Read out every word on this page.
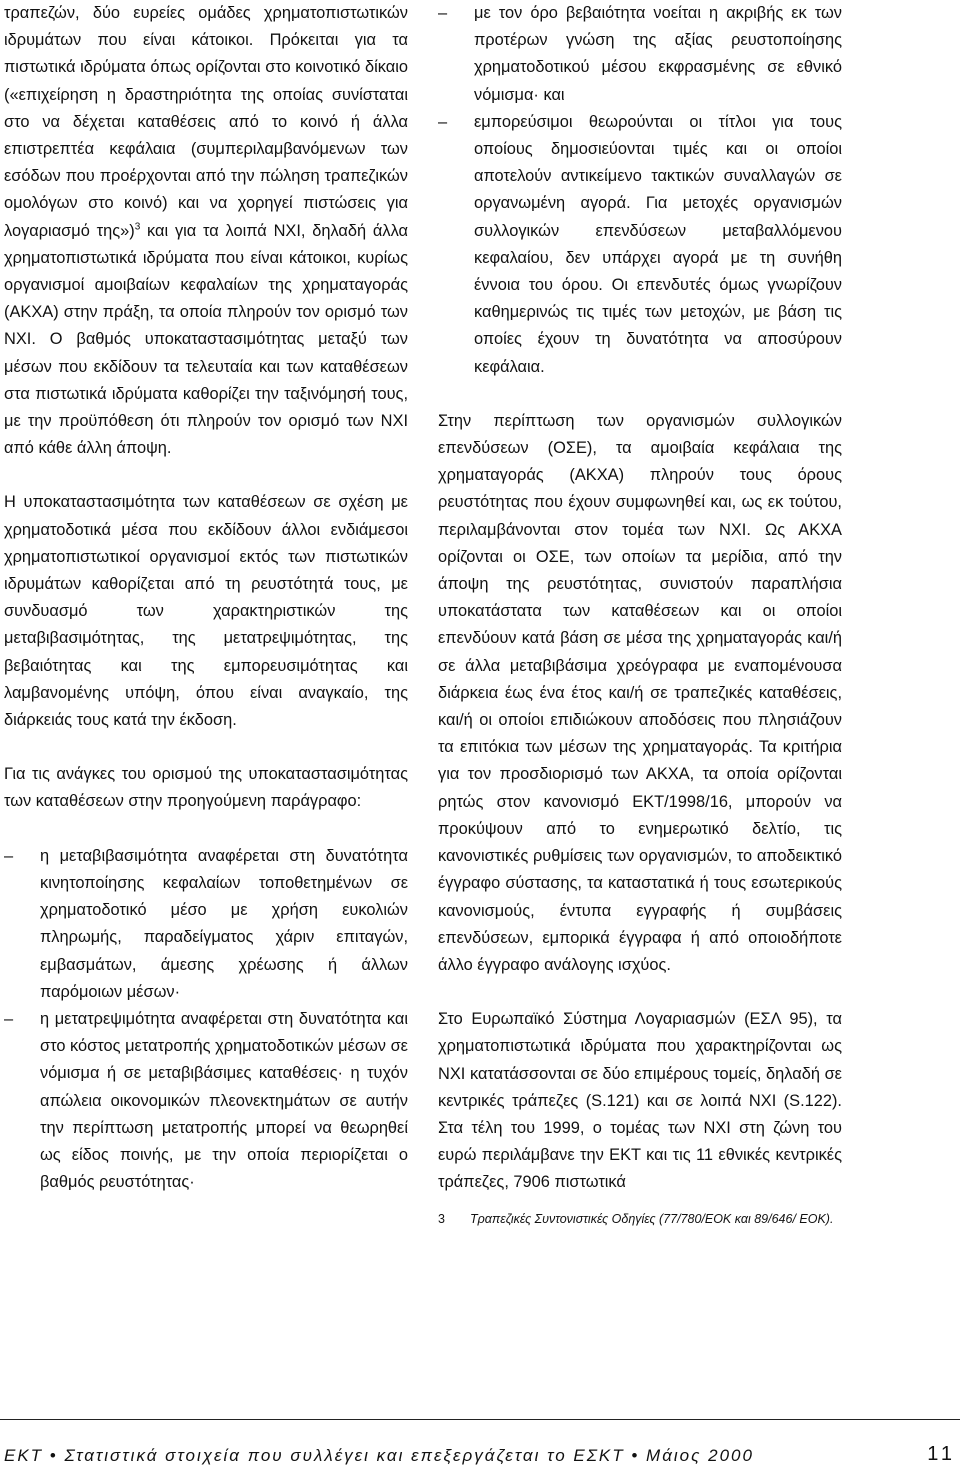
τραπεζών, δύο ευρείες ομάδες χρηματοπιστωτικών ιδρυμάτων που είναι κάτοικοι. Πρόκειται για τα πιστωτικά ιδρύματα όπως ορίζονται στο κοινοτικό δίκαιο («επιχείρηση η δραστηριότητα της οποίας συνίσταται στο να δέχεται καταθέσεις από το κοινό ή άλλα επιστρεπτέα κεφάλαια (συμπεριλαμβανόμενων των εσόδων που προέρχονται από την πώληση τραπεζικών ομολόγων στο κοινό) και να χορηγεί πιστώσεις για λογαριασμό της»)$^3$ και για τα λοιπά ΝΧΙ, δηλαδή άλλα χρηματοπιστωτικά ιδρύματα που είναι κάτοικοι, κυρίως οργανισμοί αμοιβαίων κεφαλαίων της χρηματαγοράς (ΑΚΧΑ) στην πράξη, τα οποία πληρούν τον ορισμό των ΝΧΙ. Ο βαθμός υποκαταστασιμότητας μεταξύ των μέσων που εκδίδουν τα τελευταία και των καταθέσεων στα πιστωτικά ιδρύματα καθορίζει την ταξινόμησή τους, με την προϋπόθεση ότι πληρούν τον ορισμό των ΝΧΙ από κάθε άλλη άποψη.

Η υποκαταστασιμότητα των καταθέσεων σε σχέση με χρηματοδοτικά μέσα που εκδίδουν άλλοι ενδιάμεσοι χρηματοπιστωτικοί οργανισμοί εκτός των πιστωτικών ιδρυμάτων καθορίζεται από τη ρευστότητά τους, με συνδυασμό των χαρακτηριστικών της μεταβιβασιμότητας, της μετατρεψιμότητας, της βεβαιότητας και της εμπορευσιμότητας και λαμβανομένης υπόψη, όπου είναι αναγκαίο, της διάρκειάς τους κατά την έκδοση.

Για τις ανάγκες του ορισμού της υποκαταστασιμότητας των καταθέσεων στην προηγούμενη παράγραφο:

– η μεταβιβασιμότητα αναφέρεται στη δυνατότητα κινητοποίησης κεφαλαίων τοποθετημένων σε χρηματοδοτικό μέσο με χρήση ευκολιών πληρωμής, παραδείγματος χάριν επιταγών, εμβασμάτων, άμεσης χρέωσης ή άλλων παρόμοιων μέσων·
– η μετατρεψιμότητα αναφέρεται στη δυνατότητα και στο κόστος μετατροπής χρηματοδοτικών μέσων σε νόμισμα ή σε μεταβιβάσιμες καταθέσεις· η τυχόν απώλεια οικονομικών πλεονεκτημάτων σε αυτήν την περίπτωση μετατροπής μπορεί να θεωρηθεί ως είδος ποινής, με την οποία περιορίζεται ο βαθμός ρευστότητας·
– με τον όρο βεβαιότητα νοείται η ακριβής εκ των προτέρων γνώση της αξίας ρευστοποίησης χρηματοδοτικού μέσου εκφρασμένης σε εθνικό νόμισμα· και
– εμπορεύσιμοι θεωρούνται οι τίτλοι για τους οποίους δημοσιεύονται τιμές και οι οποίοι αποτελούν αντικείμενο τακτικών συναλλαγών σε οργανωμένη αγορά. Για μετοχές οργανισμών συλλογικών επενδύσεων μεταβαλλόμενου κεφαλαίου, δεν υπάρχει αγορά με τη συνήθη έννοια του όρου. Οι επενδυτές όμως γνωρίζουν καθημερινώς τις τιμές των μετοχών, με βάση τις οποίες έχουν τη δυνατότητα να αποσύρουν κεφάλαια.

Στην περίπτωση των οργανισμών συλλογικών επενδύσεων (ΟΣΕ), τα αμοιβαία κεφάλαια της χρηματαγοράς (ΑΚΧΑ) πληρούν τους όρους ρευστότητας που έχουν συμφωνηθεί και, ως εκ τούτου, περιλαμβάνονται στον τομέα των ΝΧΙ. Ως ΑΚΧΑ ορίζονται οι ΟΣΕ, των οποίων τα μερίδια, από την άποψη της ρευστότητας, συνιστούν παραπλήσια υποκατάστατα των καταθέσεων και οι οποίοι επενδύουν κατά βάση σε μέσα της χρηματαγοράς και/ή σε άλλα μεταβιβάσιμα χρεόγραφα με εναπομένουσα διάρκεια έως ένα έτος και/ή σε τραπεζικές καταθέσεις, και/ή οι οποίοι επιδιώκουν αποδόσεις που πλησιάζουν τα επιτόκια των μέσων της χρηματαγοράς. Τα κριτήρια για τον προσδιορισμό των ΑΚΧΑ, τα οποία ορίζονται ρητώς στον κανονισμό ΕΚΤ/1998/16, μπορούν να προκύψουν από το ενημερωτικό δελτίο, τις κανονιστικές ρυθμίσεις των οργανισμών, το αποδεικτικό έγγραφο σύστασης, τα καταστατικά ή τους εσωτερικούς κανονισμούς, έντυπα εγγραφής ή συμβάσεις επενδύσεων, εμπορικά έγγραφα ή από οποιοδήποτε άλλο έγγραφο ανάλογης ισχύος.

Στο Ευρωπαϊκό Σύστημα Λογαριασμών (ΕΣΛ 95), τα χρηματοπιστωτικά ιδρύματα που χαρακτηρίζονται ως ΝΧΙ κατατάσσονται σε δύο επιμέρους τομείς, δηλαδή σε κεντρικές τράπεζες (S.121) και σε λοιπά ΝΧΙ (S.122). Στα τέλη του 1999, ο τομέας των ΝΧΙ στη ζώνη του ευρώ περιλάμβανε την ΕΚΤ και τις 11 εθνικές κεντρικές τράπεζες, 7906 πιστωτικά

3 Τραπεζικές Συντονιστικές Οδηγίες (77/780/ΕΟΚ και 89/646/ ΕΟΚ).
ΕΚΤ • Στατιστικά στοιχεία που συλλέγει και επεξεργάζεται το ΕΣΚΤ • Μάιος 2000	11
